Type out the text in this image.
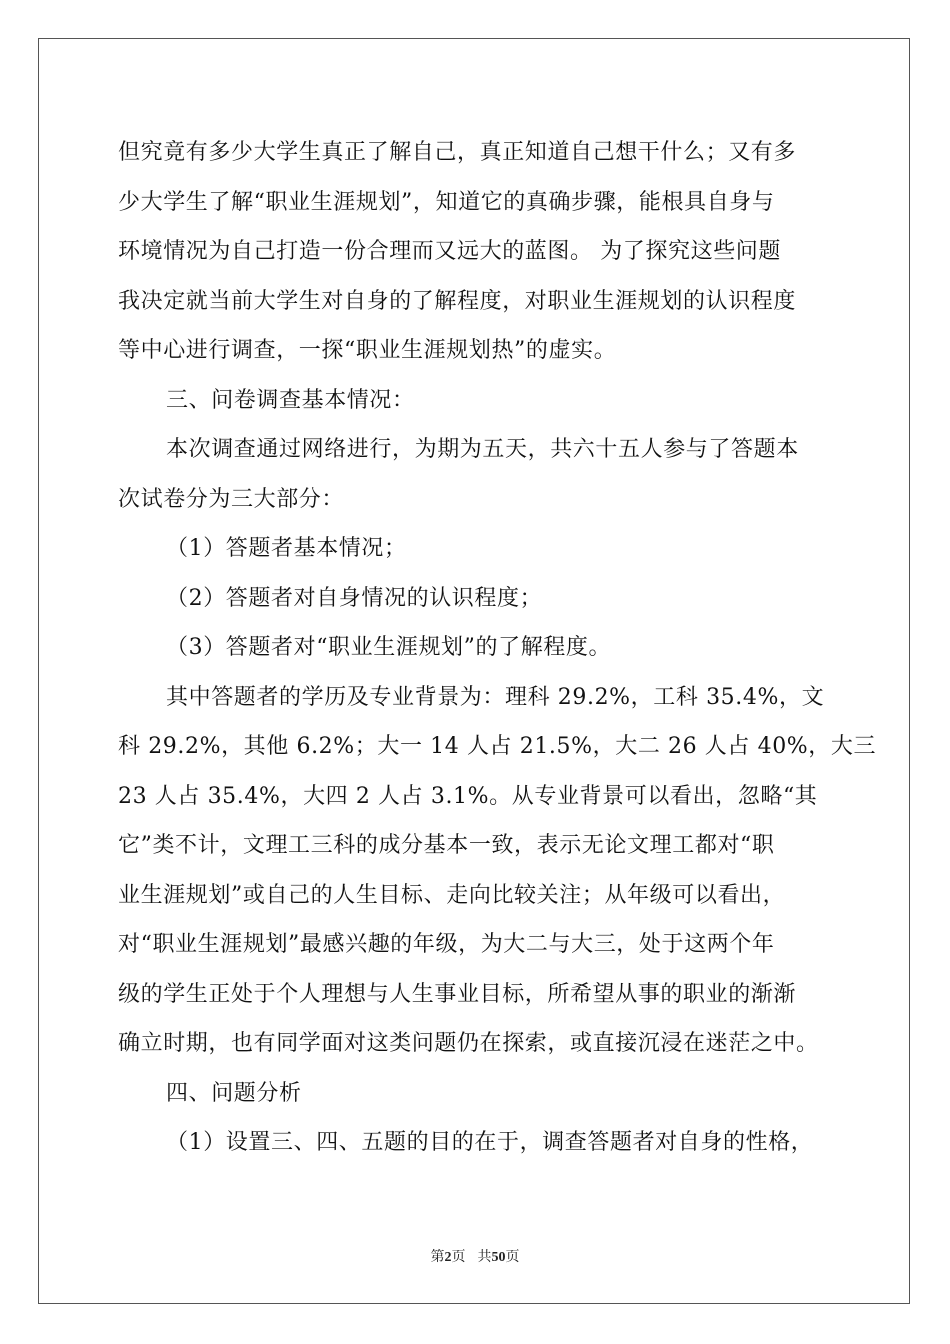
但究竟有多少大学生真正了解自己，真正知道自己想干什么；又有多

少大学生了解“职业生涯规划”，知道它的真确步骤，能根具自身与

环境情况为自己打造一份合理而又远大的蓝图。 为了探究这些问题

我决定就当前大学生对自身的了解程度，对职业生涯规划的认识程度

等中心进行调查，一探“职业生涯规划热”的虚实。

三、问卷调查基本情况：

本次调查通过网络进行，为期为五天，共六十五人参与了答题本

次试卷分为三大部分：

（1）答题者基本情况；

（2）答题者对自身情况的认识程度；

（3）答题者对“职业生涯规划”的了解程度。

其中答题者的学历及专业背景为：理科 29.2%，工科 35.4%，文

科 29.2%，其他 6.2%；大一 14 人占 21.5%，大二 26 人占 40%，大三

23 人占 35.4%，大四 2 人占 3.1%。从专业背景可以看出，忽略“其

它”类不计，文理工三科的成分基本一致，表示无论文理工都对“职

业生涯规划”或自己的人生目标、走向比较关注；从年级可以看出，

对“职业生涯规划”最感兴趣的年级，为大二与大三，处于这两个年

级的学生正处于个人理想与人生事业目标，所希望从事的职业的渐渐

确立时期，也有同学面对这类问题仍在探索，或直接沉浸在迷茫之中。

四、问题分析

（1）设置三、四、五题的目的在于，调查答题者对自身的性格，

第2页 共50页
